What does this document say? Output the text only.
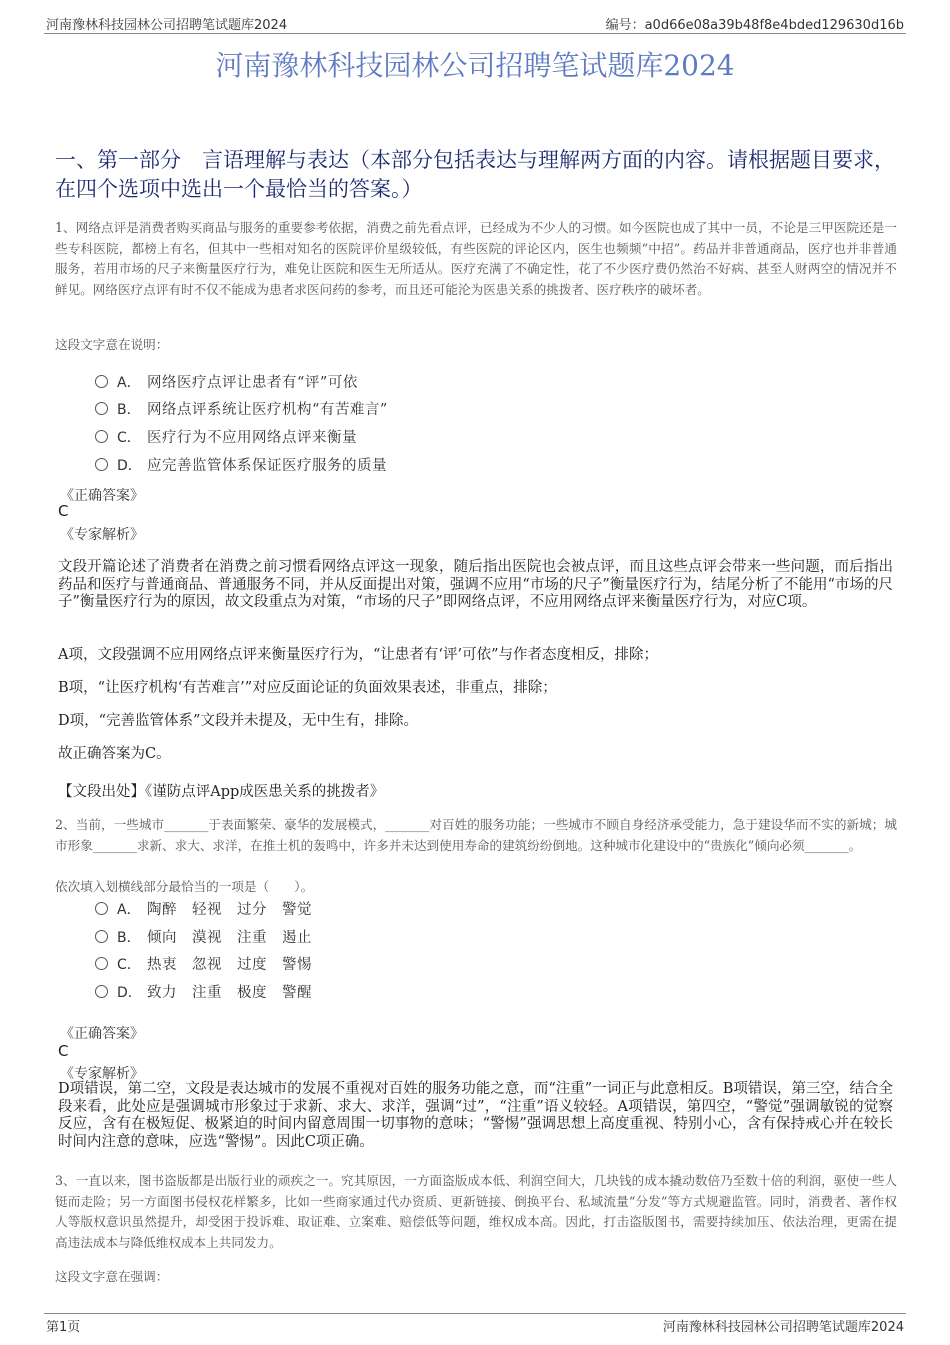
河南豫林科技园林公司招聘笔试题库2024	编号：a0d66e08a39b48f8e4bded129630d16b
河南豫林科技园林公司招聘笔试题库2024
一、第一部分　言语理解与表达（本部分包括表达与理解两方面的内容。请根据题目要求，在四个选项中选出一个最恰当的答案。）
1、网络点评是消费者购买商品与服务的重要参考依据，消费之前先看点评，已经成为不少人的习惯。如今医院也成了其中一员，不论是三甲医院还是一些专科医院，都榜上有名，但其中一些相对知名的医院评价星级较低，有些医院的评论区内，医生也频频“中招”。药品并非普通商品，医疗也并非普通服务，若用市场的尺子来衡量医疗行为，难免让医院和医生无所适从。医疗充满了不确定性，花了不少医疗费仍然治不好病、甚至人财两空的情况并不鲜见。网络医疗点评有时不仅不能成为患者求医问药的参考，而且还可能沦为医患关系的挑拨者、医疗秩序的破坏者。
这段文字意在说明：
A． 网络医疗点评让患者有“评”可依
B． 网络点评系统让医疗机构“有苦难言”
C． 医疗行为不应用网络点评来衡量
D． 应完善监管体系保证医疗服务的质量
《正确答案》
C
《专家解析》
文段开篇论述了消费者在消费之前习惯看网络点评这一现象，随后指出医院也会被点评，而且这些点评会带来一些问题，而后指出药品和医疗与普通商品、普通服务不同，并从反面提出对策，强调不应用“市场的尺子”衡量医疗行为，结尾分析了不能用“市场的尺子”衡量医疗行为的原因，故文段重点为对策，“市场的尺子”即网络点评，不应用网络点评来衡量医疗行为，对应C项。
A项，文段强调不应用网络点评来衡量医疗行为，“让患者有‘评’可依”与作者态度相反，排除；
B项，“让医疗机构‘有苦难言’”对应反面论证的负面效果表述，非重点，排除；
D项，“完善监管体系”文段并未提及，无中生有，排除。
故正确答案为C。
【文段出处】《谨防点评App成医患关系的挑拨者》
2、当前，一些城市_______于表面繁荣、豪华的发展模式，_______对百姓的服务功能；一些城市不顾自身经济承受能力，急于建设华而不实的新城；城市形象_______求新、求大、求洋，在推土机的轰鸣中，许多并未达到使用寿命的建筑纷纷倒地。这种城市化建设中的“贵族化”倾向必须_______。
依次填入划横线部分最恰当的一项是（　　）。
A． 陶醉　轻视　过分　警觉
B． 倾向　漠视　注重　遏止
C． 热衷　忽视　过度　警惕
D． 致力　注重　极度　警醒
《正确答案》
C
《专家解析》
D项错误，第二空，文段是表达城市的发展不重视对百姓的服务功能之意，而“注重”一词正与此意相反。B项错误，第三空，结合全段来看，此处应是强调城市形象过于求新、求大、求洋，强调“过”，“注重”语义较轻。A项错误，第四空，“警觉”强调敏锐的觉察反应，含有在极短促、极紧迫的时间内留意周围一切事物的意味；“警惕”强调思想上高度重视、特别小心，含有保持戒心并在较长时间内注意的意味，应选“警惕”。因此C项正确。
3、一直以来，图书盗版都是出版行业的顽疾之一。究其原因，一方面盗版成本低、利润空间大，几块钱的成本撬动数倍乃至数十倍的利润，驱使一些人铤而走险；另一方面图书侵权花样繁多，比如一些商家通过代办资质、更新链接、倒换平台、私域流量“分发”等方式规避监管。同时，消费者、著作权人等版权意识虽然提升，却受困于投诉难、取证难、立案难、赔偿低等问题，维权成本高。因此，打击盗版图书，需要持续加压、依法治理，更需在提高违法成本与降低维权成本上共同发力。
这段文字意在强调：
第1页	河南豫林科技园林公司招聘笔试题库2024
